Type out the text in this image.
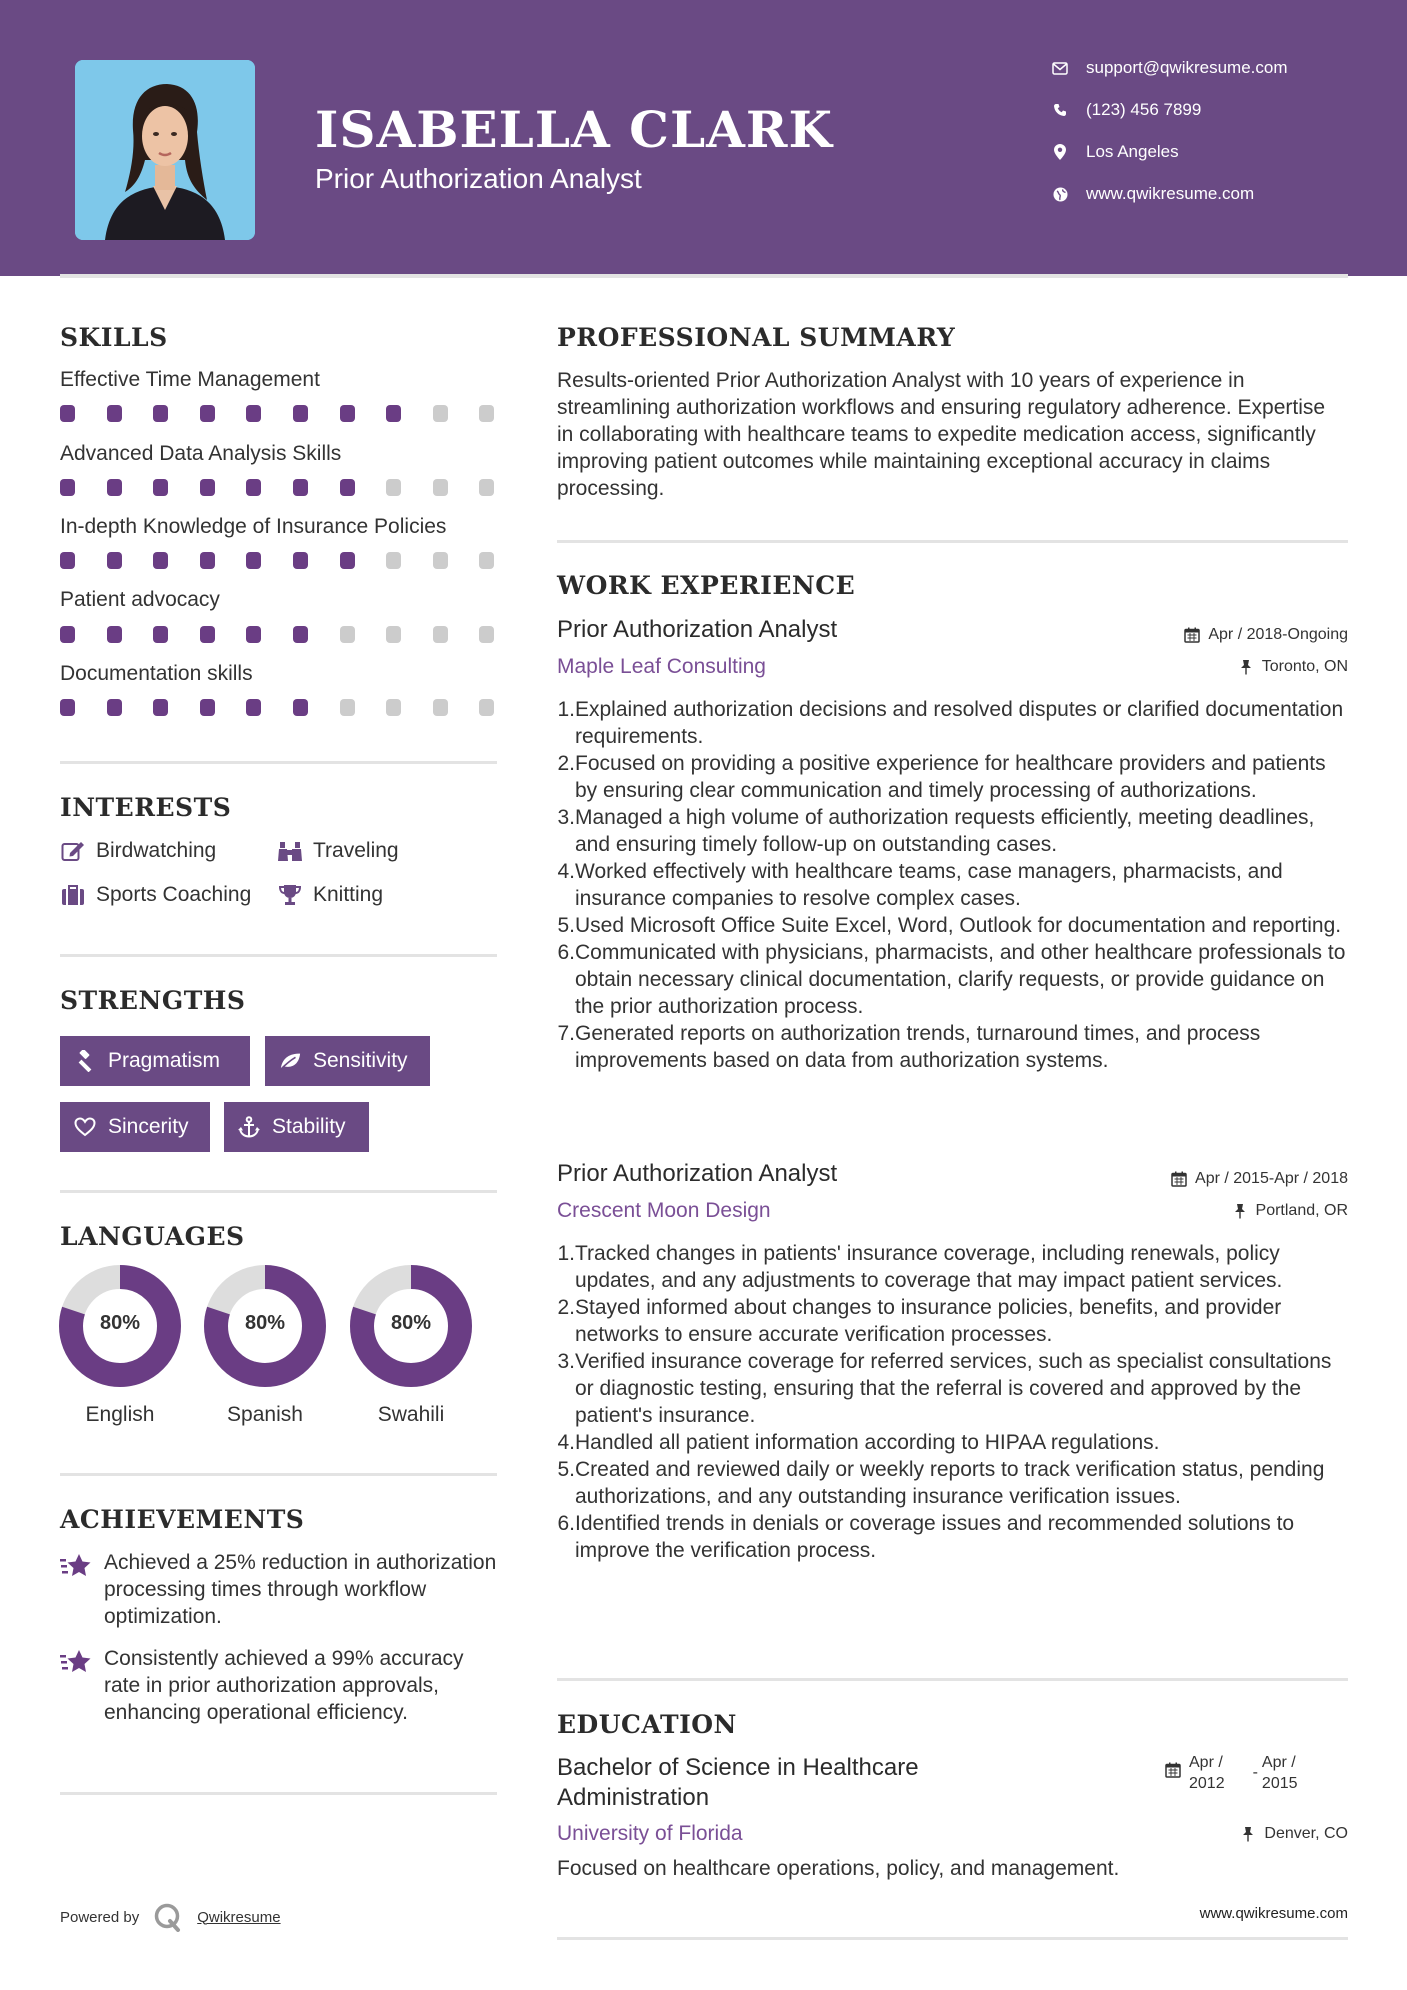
ISABELLA CLARK
Prior Authorization Analyst
support@qwikresume.com
(123) 456 7899
Los Angeles
www.qwikresume.com
SKILLS
Effective Time Management
Advanced Data Analysis Skills
In-depth Knowledge of Insurance Policies
Patient advocacy
Documentation skills
INTERESTS
Birdwatching	Traveling
Sports Coaching	Knitting
STRENGTHS
Pragmatism	Sensitivity
Sincerity	Stability
LANGUAGES
80%
English
80%
Spanish
80%
Swahili
ACHIEVEMENTS
Achieved a 25% reduction in authorization processing times through workflow optimization.
Consistently achieved a 99% accuracy rate in prior authorization approvals, enhancing operational efficiency.
Powered by	Qwikresume
PROFESSIONAL SUMMARY
Results-oriented Prior Authorization Analyst with 10 years of experience in streamlining authorization workflows and ensuring regulatory adherence. Expertise in collaborating with healthcare teams to expedite medication access, significantly improving patient outcomes while maintaining exceptional accuracy in claims processing.
WORK EXPERIENCE
Prior Authorization Analyst	Apr / 2018-Ongoing
Maple Leaf Consulting	Toronto, ON
1. Explained authorization decisions and resolved disputes or clarified documentation requirements.
2. Focused on providing a positive experience for healthcare providers and patients by ensuring clear communication and timely processing of authorizations.
3. Managed a high volume of authorization requests efficiently, meeting deadlines, and ensuring timely follow-up on outstanding cases.
4. Worked effectively with healthcare teams, case managers, pharmacists, and insurance companies to resolve complex cases.
5. Used Microsoft Office Suite Excel, Word, Outlook for documentation and reporting.
6. Communicated with physicians, pharmacists, and other healthcare professionals to obtain necessary clinical documentation, clarify requests, or provide guidance on the prior authorization process.
7. Generated reports on authorization trends, turnaround times, and process improvements based on data from authorization systems.
Prior Authorization Analyst	Apr / 2015-Apr / 2018
Crescent Moon Design	Portland, OR
1. Tracked changes in patients' insurance coverage, including renewals, policy updates, and any adjustments to coverage that may impact patient services.
2. Stayed informed about changes to insurance policies, benefits, and provider networks to ensure accurate verification processes.
3. Verified insurance coverage for referred services, such as specialist consultations or diagnostic testing, ensuring that the referral is covered and approved by the patient's insurance.
4. Handled all patient information according to HIPAA regulations.
5. Created and reviewed daily or weekly reports to track verification status, pending authorizations, and any outstanding insurance verification issues.
6. Identified trends in denials or coverage issues and recommended solutions to improve the verification process.
EDUCATION
Bachelor of Science in Healthcare
Administration
Apr /
2012
-
Apr /
2015
University of Florida	Denver, CO
Focused on healthcare operations, policy, and management.
www.qwikresume.com
